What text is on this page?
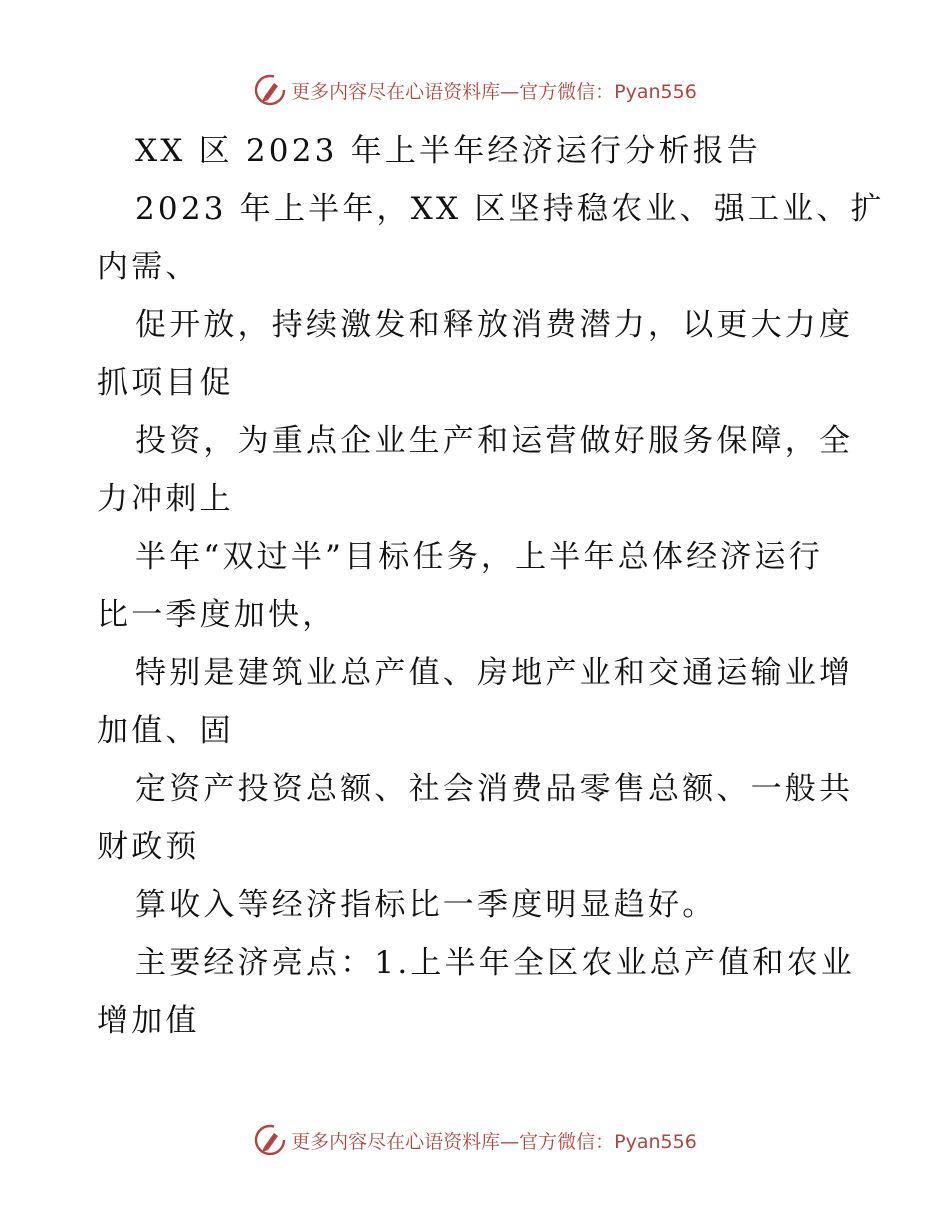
更多内容尽在心语资料库—官方微信：Pyan556
XX 区 2023 年上半年经济运行分析报告
2023 年上半年，XX 区坚持稳农业、强工业、扩
内需、
促开放，持续激发和释放消费潜力，以更大力度
抓项目促
投资，为重点企业生产和运营做好服务保障，全
力冲刺上
半年“双过半”目标任务，上半年总体经济运行
比一季度加快，
特别是建筑业总产值、房地产业和交通运输业增
加值、固
定资产投资总额、社会消费品零售总额、一般共
财政预
算收入等经济指标比一季度明显趋好。
主要经济亮点：1.上半年全区农业总产值和农业
增加值
更多内容尽在心语资料库—官方微信：Pyan556
